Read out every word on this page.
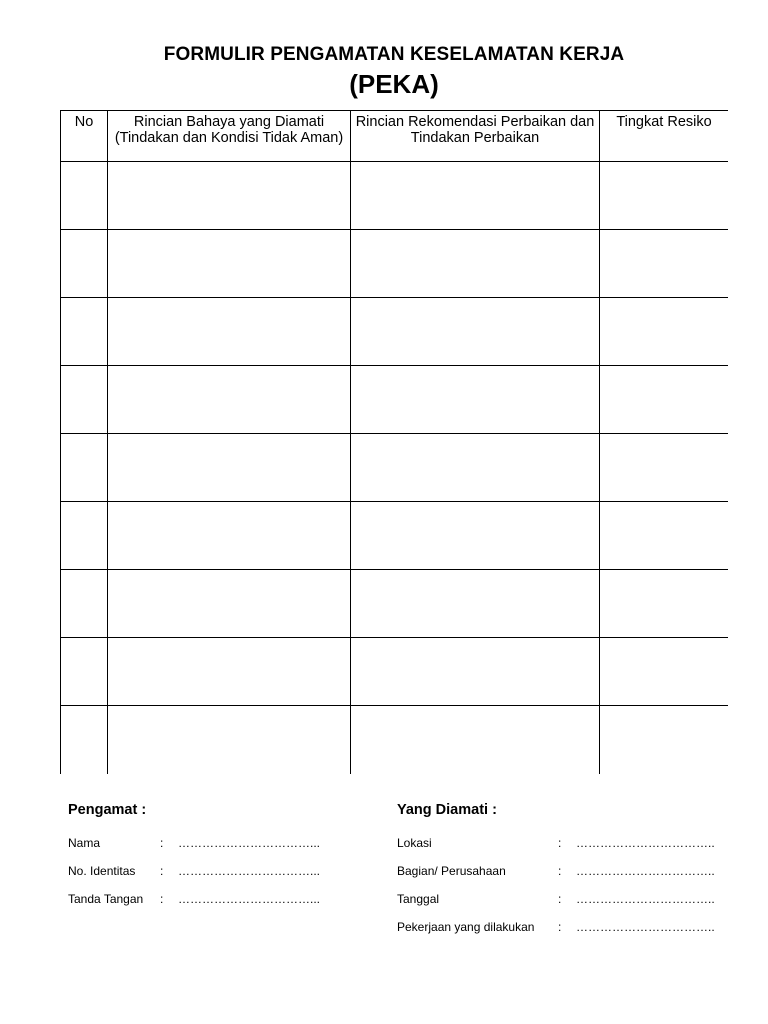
FORMULIR PENGAMATAN KESELAMATAN KERJA
(PEKA)
No	Rincian Bahaya yang Diamati (Tindakan dan Kondisi Tidak Aman)	Rincian Rekomendasi Perbaikan dan Tindakan Perbaikan	Tingkat Resiko

Pengamat :	Yang Diamati :
Nama	: ……………………………...
No. Identitas : ……………………………...
Tanda Tangan : ……………………………...
Lokasi	: ……………………………..
Bagian/ Perusahaan	: ……………………………..
Tanggal	: ……………………………..
Pekerjaan yang dilakukan : ……………………………..
